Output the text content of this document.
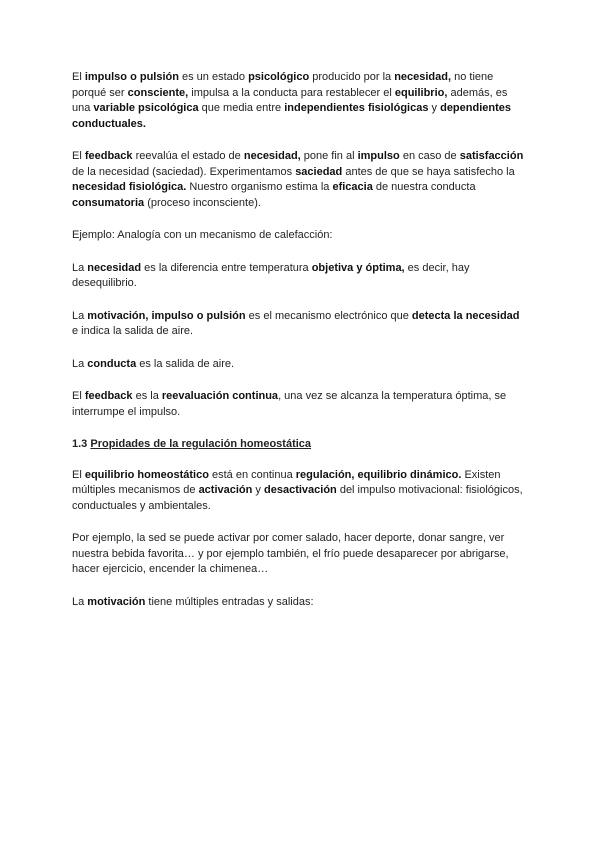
El impulso o pulsión es un estado psicológico producido por la necesidad, no tiene porqué ser consciente, impulsa a la conducta para restablecer el equilibrio, además, es una variable psicológica que media entre independientes fisiológicas y dependientes conductuales.

El feedback reevalúa el estado de necesidad, pone fin al impulso en caso de satisfacción de la necesidad (saciedad). Experimentamos saciedad antes de que se haya satisfecho la necesidad fisiológica. Nuestro organismo estima la eficacia de nuestra conducta consumatoria (proceso inconsciente).

Ejemplo: Analogía con un mecanismo de calefacción:

La necesidad es la diferencia entre temperatura objetiva y óptima, es decir, hay desequilibrio.

La motivación, impulso o pulsión es el mecanismo electrónico que detecta la necesidad e indica la salida de aire.

La conducta es la salida de aire.

El feedback es la reevaluación continua, una vez se alcanza la temperatura óptima, se interrumpe el impulso.

1.3 Propidades de la regulación homeostática

El equilibrio homeostático está en continua regulación, equilibrio dinámico. Existen múltiples mecanismos de activación y desactivación del impulso motivacional: fisiológicos, conductuales y ambientales.

Por ejemplo, la sed se puede activar por comer salado, hacer deporte, donar sangre, ver nuestra bebida favorita… y por ejemplo también, el frío puede desaparecer por abrigarse, hacer ejercicio, encender la chimenea…

La motivación tiene múltiples entradas y salidas:
